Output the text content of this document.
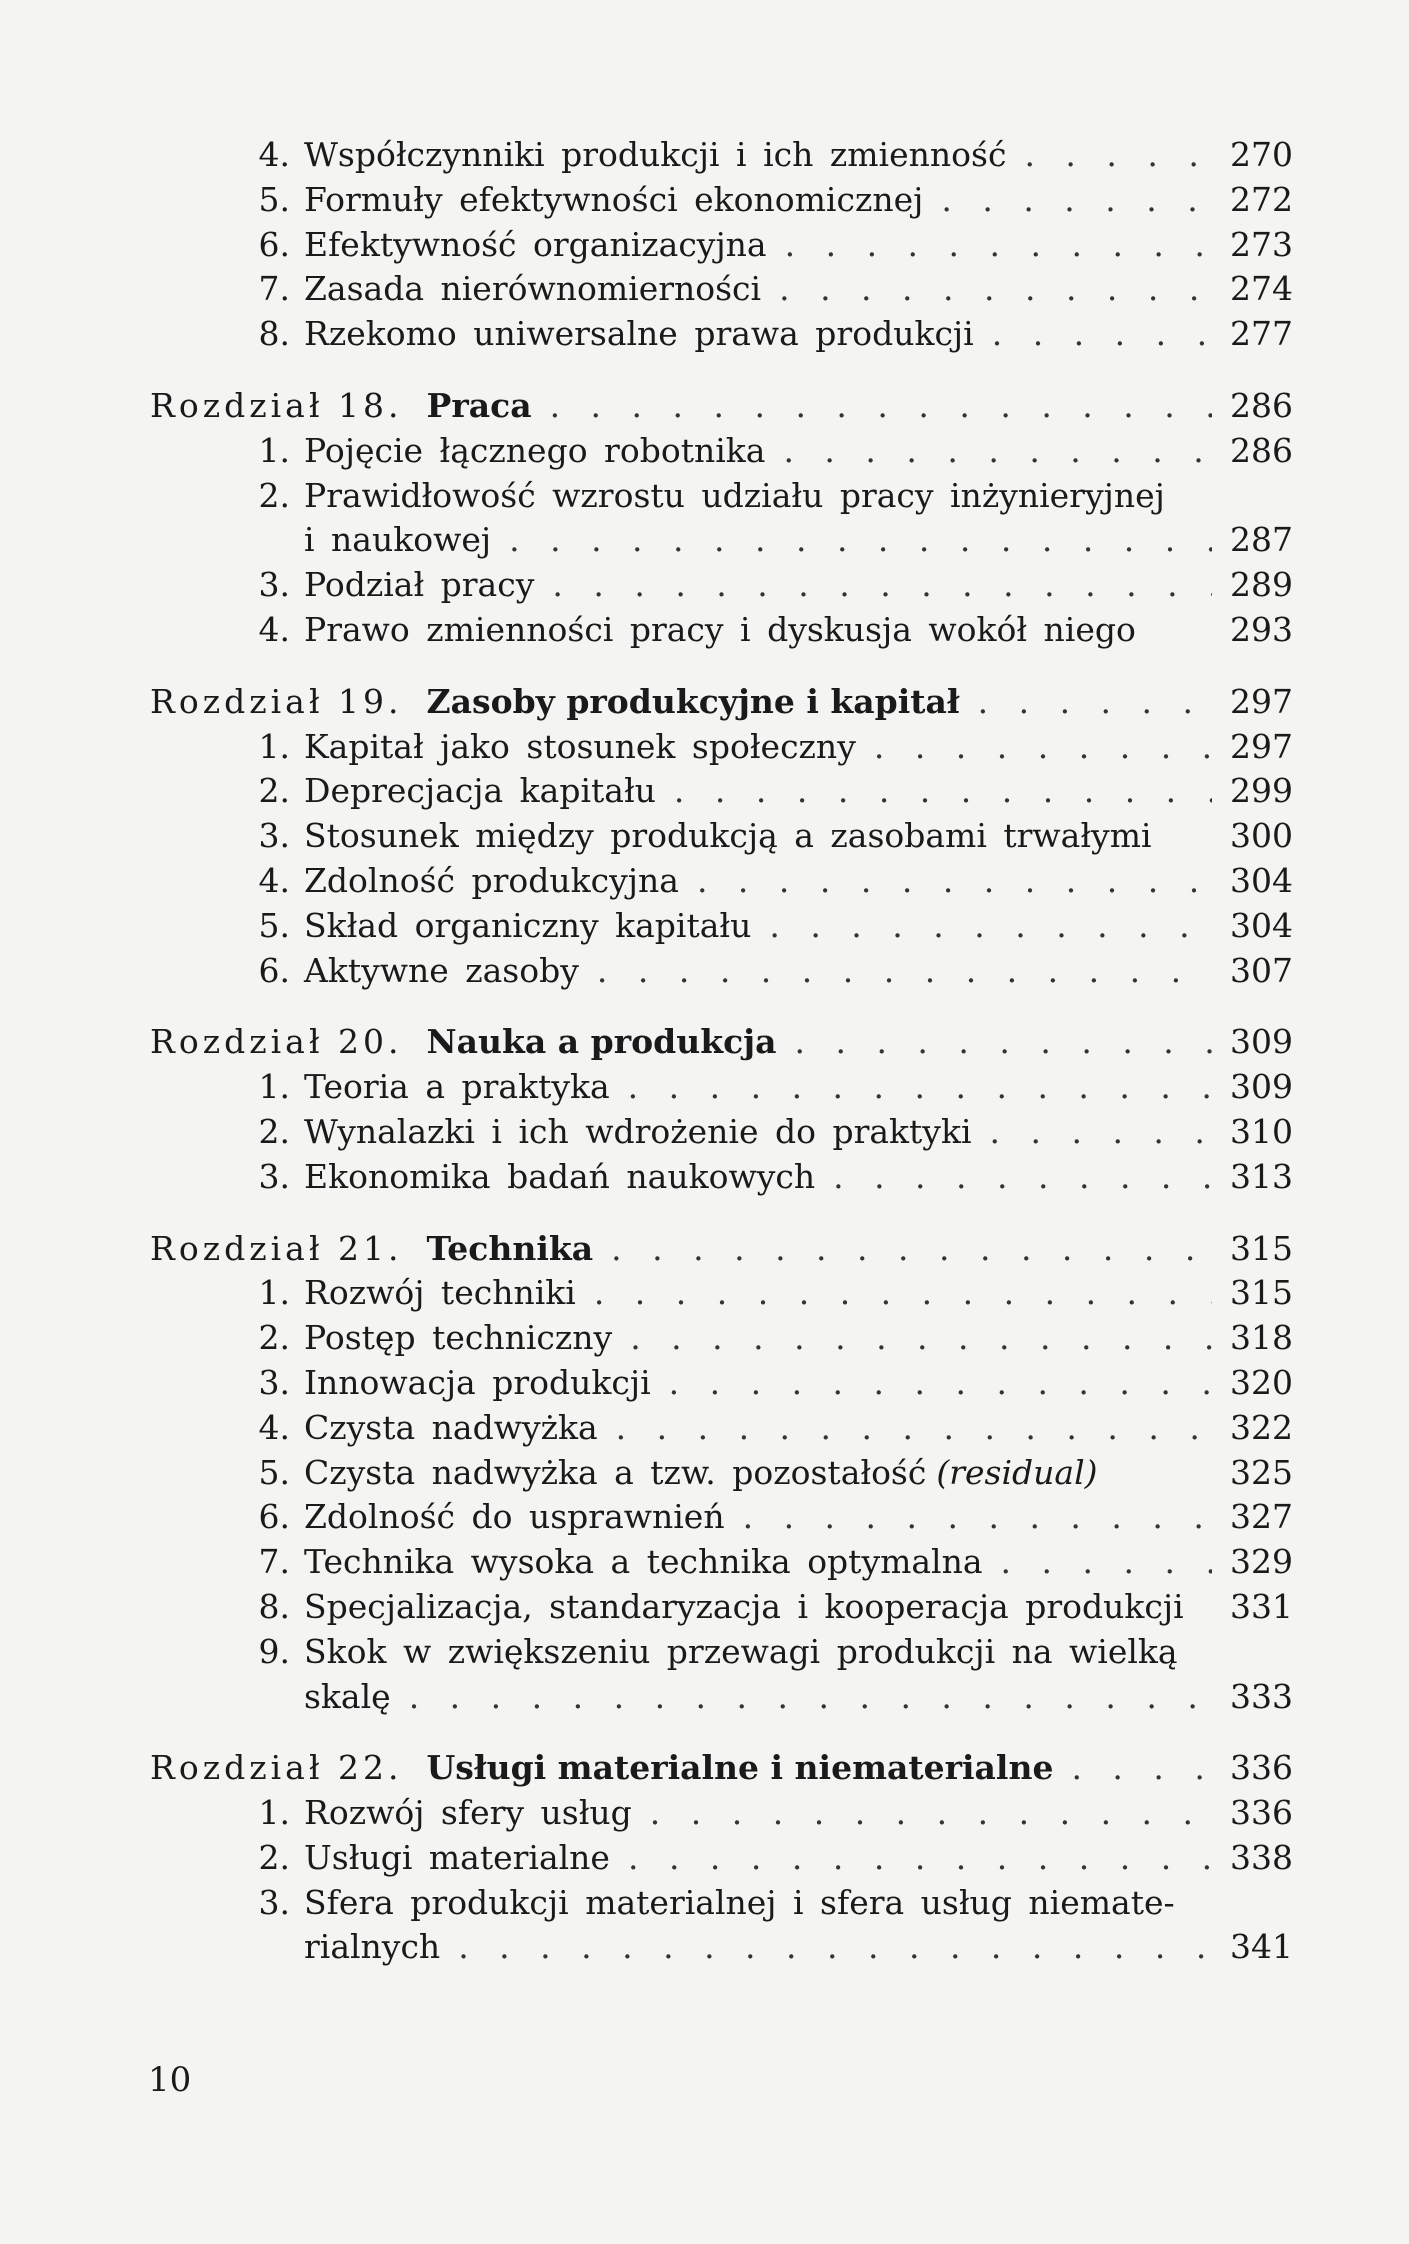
4. Współczynniki produkcji i ich zmienność . . .	270
5. Formuły efektywności ekonomicznej . . .	272
6. Efektywność organizacyjna . . .	273
7. Zasada nierównomierności . . .	274
8. Rzekomo uniwersalne prawa produkcji . . .	277
Rozdział 18. Praca . . .	286
1. Pojęcie łącznego robotnika . . .	286
2. Prawidłowość wzrostu udziału pracy inżynieryjnej
i naukowej . . .	287
3. Podział pracy . . .	289
4. Prawo zmienności pracy i dyskusja wokół niego	293
Rozdział 19. Zasoby produkcyjne i kapitał . . .	297
1. Kapitał jako stosunek społeczny . . .	297
2. Deprecjacja kapitału . . .	299
3. Stosunek między produkcją a zasobami trwałymi 300
4. Zdolność produkcyjna . . .	304
5. Skład organiczny kapitału . . .	304
6. Aktywne zasoby . . .	307
Rozdział 20. Nauka a produkcja . . .	309
1. Teoria a praktyka . . .	309
2. Wynalazki i ich wdrożenie do praktyki . . .	310
3. Ekonomika badań naukowych . . .	313
Rozdział 21. Technika . . .	315
1. Rozwój techniki . . .	315
2. Postęp techniczny . . .	318
3. Innowacja produkcji . . .	320
4. Czysta nadwyżka . . .	322
5. Czysta nadwyżka a tzw. pozostałość (residual)	325
6. Zdolność do usprawnień . . .	327
7. Technika wysoka a technika optymalna . . .	329
8. Specjalizacja, standaryzacja i kooperacja produkcji 331
9. Skok w zwiększeniu przewagi produkcji na wielką
skalę . . .	333
Rozdział 22. Usługi materialne i niematerialne . . .	336
1. Rozwój sfery usług . . .	336
2. Usługi materialne . . .	338
3. Sfera produkcji materialnej i sfera usług niemate-
rialnych . . .	341
10
